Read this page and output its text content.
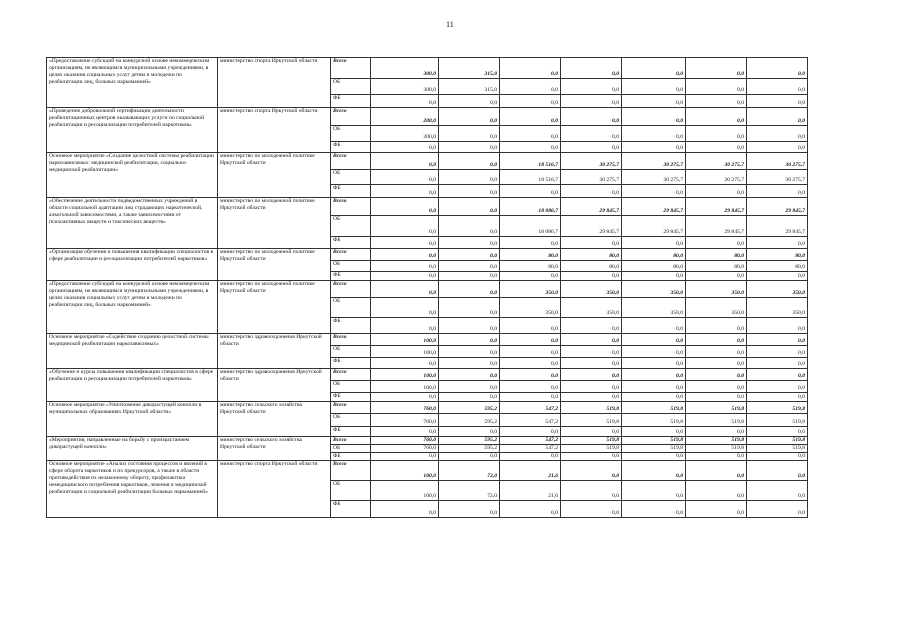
11
«Предоставление субсидий на конкурсной основе некоммерческим организациям, не являющимся муниципальными учреждениями, в целях оказания социальных услуг детям и молодежи по реабилитации лиц, больных наркоманией»	министерство спорта Иркутской области	Всего	300,0	315,0	0,0	0,0	0,0	0,0	0,0
		ОБ	300,0	315,0	0,0	0,0	0,0	0,0	0,0
		ФБ	0,0	0,0	0,0	0,0	0,0	0,0	0,0
«Проведение добровольной сертификации деятельности реабилитационных центров оказывающих услуги по социальной реабилитации и ресоциализации потребителей наркотиков»	министерство спорта Иркутской области	Всего	200,0	0,0	0,0	0,0	0,0	0,0	0,0
		ОБ	200,0	0,0	0,0	0,0	0,0	0,0	0,0
		ФБ	0,0	0,0	0,0	0,0	0,0	0,0	0,0
Основное мероприятие «Создание целостной системы реабилитации наркозависимых: медицинской реабилитации, социально-медицинской реабилитации»	министерство по молодежной политике Иркутской области	Всего	0,0	0,0	18 516,7	30 275,7	30 275,7	30 275,7	30 275,7
		ОБ	0,0	0,0	18 516,7	30 275,7	30 275,7	30 275,7	30 275,7
		ФБ	0,0	0,0	0,0	0,0	0,0	0,0	0,0
«Обеспечение деятельности подведомственных учреждений в области социальной адаптации лиц страдающих наркотической, алкогольной зависимостями, а также зависимостями от психоактивных веществ и токсических веществ»	министерство по молодежной политике Иркутской области	Всего	0,0	0,0	18 086,7	29 845,7	29 845,7	29 845,7	29 845,7
		ОБ	0,0	0,0	18 086,7	29 845,7	29 845,7	29 845,7	29 845,7
		ФБ	0,0	0,0	0,0	0,0	0,0	0,0	0,0
«Организация обучения и повышения квалификации специалистов в сфере реабилитации и ресоциализации потребителей наркотиков»	министерство по молодежной политике Иркутской области	Всего	0,0	0,0	80,0	80,0	80,0	80,0	80,0
		ОБ	0,0	0,0	80,0	80,0	80,0	80,0	80,0
		ФБ	0,0	0,0	0,0	0,0	0,0	0,0	0,0
«Предоставление субсидий на конкурсной основе некоммерческим организациям, не являющимся муниципальными учреждениями, в целях оказания социальных услуг детям и молодежи по реабилитации лиц, больных наркоманией»	министерство по молодежной политике Иркутской области	Всего	0,0	0,0	350,0	350,0	350,0	350,0	350,0
		ОБ	0,0	0,0	350,0	350,0	350,0	350,0	350,0
		ФБ	0,0	0,0	0,0	0,0	0,0	0,0	0,0
Основное мероприятие «Содействие созданию целостной системы медицинской реабилитации наркозависимых»	министерство здравоохранения Иркутской области	Всего	100,0	0,0	0,0	0,0	0,0	0,0	0,0
		ОБ	100,0	0,0	0,0	0,0	0,0	0,0	0,0
		ФБ	0,0	0,0	0,0	0,0	0,0	0,0	0,0
«Обучение и курсы повышения квалификации специалистов в сфере реабилитации и ресоциализации потребителей наркотиков»	министерство здравоохранения Иркутской области	Всего	100,0	0,0	0,0	0,0	0,0	0,0	0,0
		ОБ	100,0	0,0	0,0	0,0	0,0	0,0	0,0
		ФБ	0,0	0,0	0,0	0,0	0,0	0,0	0,0
Основное мероприятие «Уничтожение дикорастущей конопли в муниципальных образованиях Иркутской области»	министерство сельского хозяйства Иркутской области	Всего	760,0	595,2	547,2	519,8	519,8	519,8	519,8
		ОБ	760,0	595,2	547,2	519,8	519,8	519,8	519,8
		ФБ	0,0	0,0	0,0	0,0	0,0	0,0	0,0
«Мероприятия, направленные на борьбу с произрастанием дикорастущей конопли»	министерство сельского хозяйства Иркутской области	Всего	760,0	595,2	547,2	519,8	519,8	519,8	519,8
		ОБ	760,0	595,2	547,2	519,8	519,8	519,8	519,8
		ФБ	0,0	0,0	0,0	0,0	0,0	0,0	0,0
Основное мероприятие «Анализ состояния процессов и явлений в сфере оборота наркотиков и их прекурсоров, а также в области противодействия их незаконному обороту, профилактика немедицинского потребления наркотиков, лечения и медицинской реабилитации и социальной реабилитации больных наркоманией»	министерство спорта Иркутской области	Всего	100,0	72,0	21,6	0,0	0,0	0,0	0,0
		ОБ	100,0	72,0	21,6	0,0	0,0	0,0	0,0
		ФБ	0,0	0,0	0,0	0,0	0,0	0,0	0,0
